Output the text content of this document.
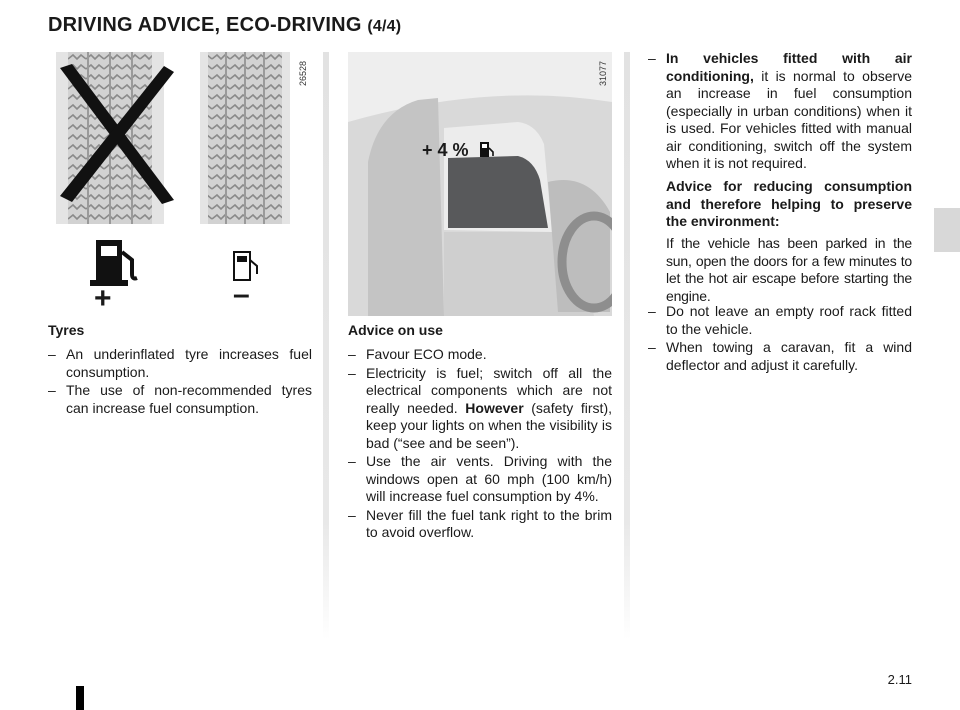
DRIVING ADVICE, ECO-DRIVING (4/4)
+	–
26528
+ 4 %
31077
Tyres
– An underinflated tyre increases fuel consumption.
– The use of non-recommended tyres can increase fuel consumption.
Advice on use
– Favour ECO mode.
– Electricity is fuel; switch off all the electrical components which are not really needed. However (safety first), keep your lights on when the visibility is bad (“see and be seen”).
– Use the air vents. Driving with the windows open at 60 mph (100 km/h) will increase fuel consumption by 4%.
– Never fill the fuel tank right to the brim to avoid overflow.
– In vehicles fitted with air conditioning, it is normal to observe an increase in fuel consumption (especially in urban conditions) when it is used. For vehicles fitted with manual air conditioning, switch off the system when it is not required.

Advice for reducing consumption and therefore helping to preserve the environment:

If the vehicle has been parked in the sun, open the doors for a few minutes to let the hot air escape before starting the engine.

– Do not leave an empty roof rack fitted to the vehicle.
– When towing a caravan, fit a wind deflector and adjust it carefully.
2.11
